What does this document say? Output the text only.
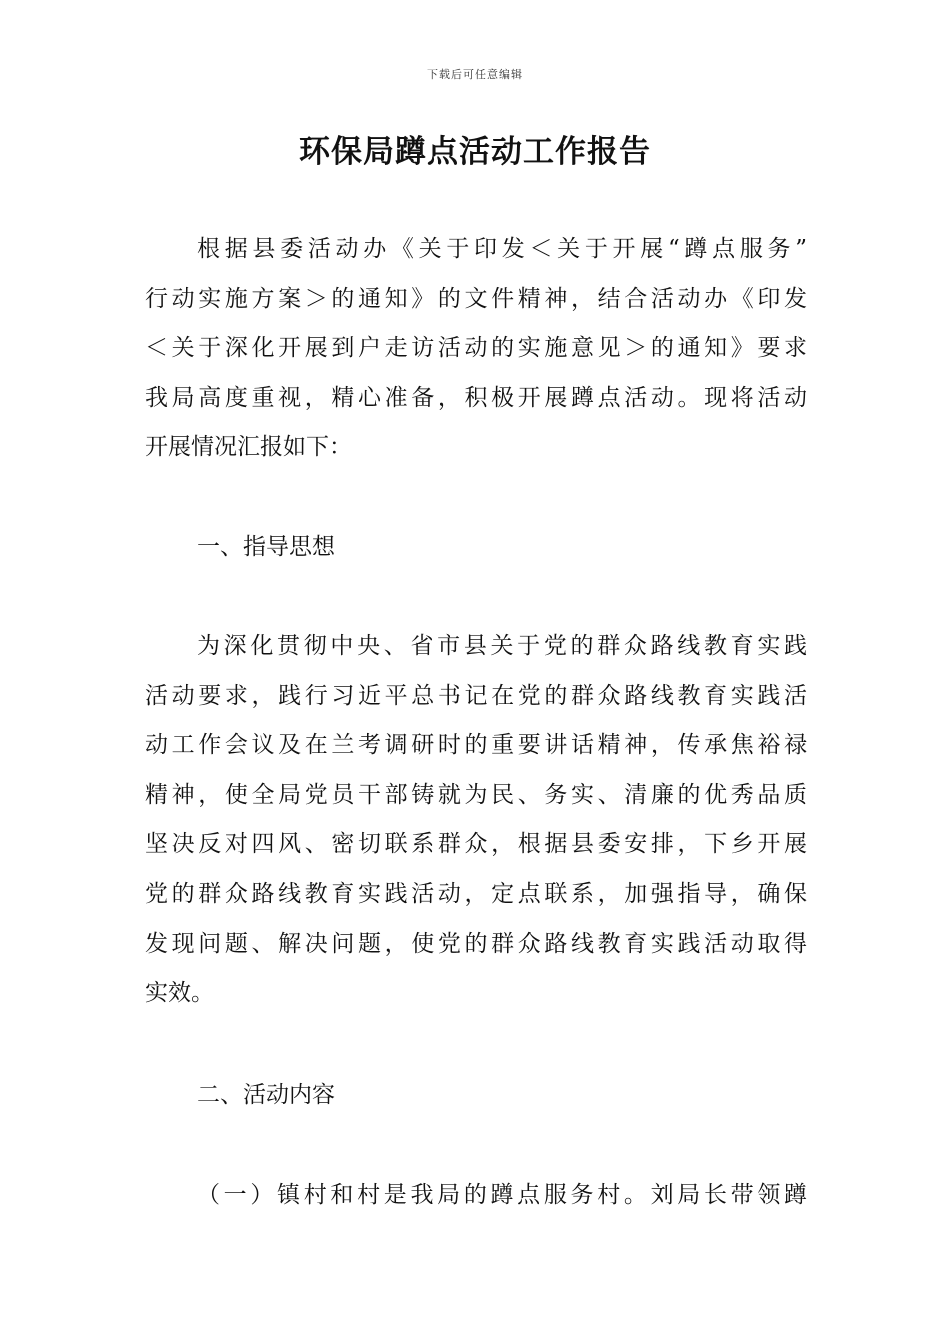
下载后可任意编辑
环保局蹲点活动工作报告
根据县委活动办《关于印发＜关于开展“蹲点服务”
行动实施方案＞的通知》的文件精神，结合活动办《印发
＜关于深化开展到户走访活动的实施意见＞的通知》要求
我局高度重视，精心准备，积极开展蹲点活动。现将活动
开展情况汇报如下：
一、指导思想
为深化贯彻中央、省市县关于党的群众路线教育实践
活动要求，践行习近平总书记在党的群众路线教育实践活
动工作会议及在兰考调研时的重要讲话精神，传承焦裕禄
精神，使全局党员干部铸就为民、务实、清廉的优秀品质
坚决反对四风、密切联系群众，根据县委安排，下乡开展
党的群众路线教育实践活动，定点联系，加强指导，确保
发现问题、解决问题，使党的群众路线教育实践活动取得
实效。
二、活动内容
（一）镇村和村是我局的蹲点服务村。刘局长带领蹲
